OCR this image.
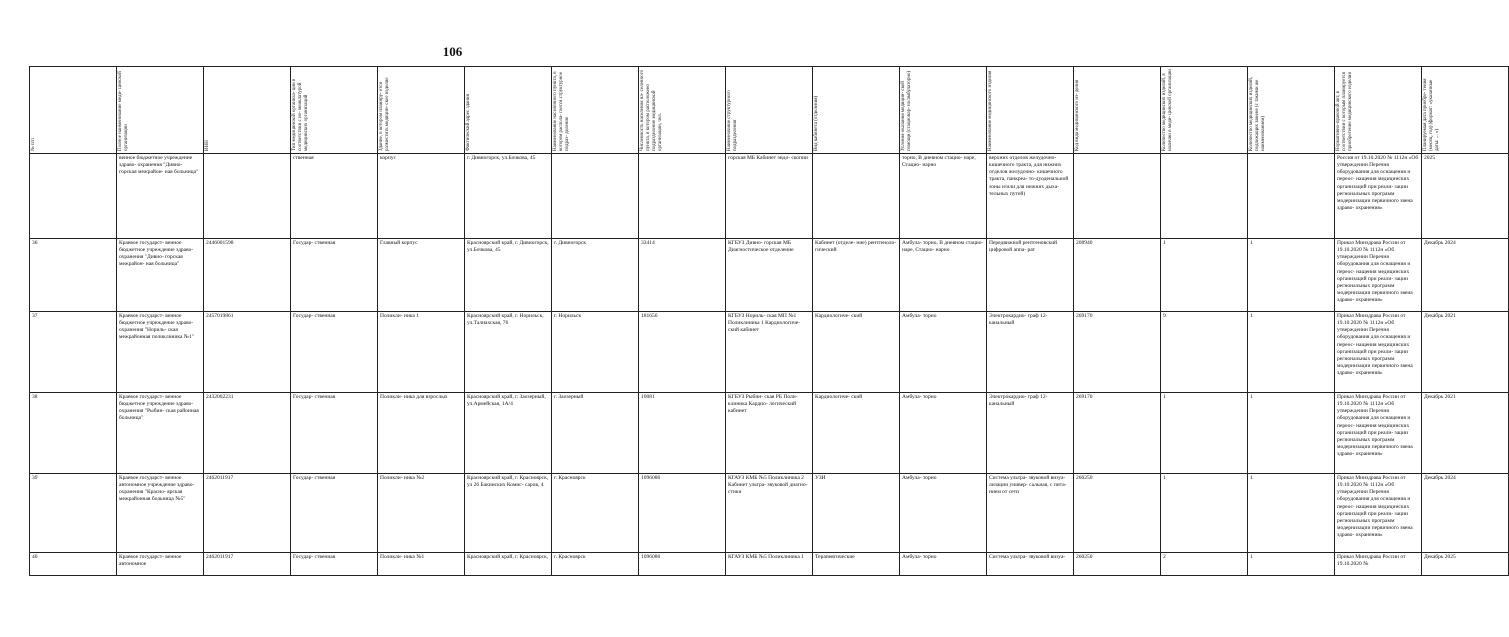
106
№ п/п	Полное наименование меди- цинской организации	ИНН	Тип медицинской организа- ции в соответствии с но- менклатурой медицинских организаций	Здание, в котором планиру- ется разместить медицин- ское изделие	Фактический адрес здания	Наименование населенного пункта, в котором распола- гается структурное подраз- деление	Численность населения на- селенного пункта, в котором расположено подразделение медицинской организации, чел.	Наименование структурного подразделения	Вид кабинета (отделения)	Условия оказания медицин- ской помощи (стационар- но/амбулаторно)	Наименование медицинского изделия	Код вида медицинского из- делия	Количество медицинских изделий, в наличии в меди- цинской организации	Количество медицинских изделий, подлежащих замене (с такими же наименованием)	Нормативно-правовой акт, в соответствии с которым планируется приобретение медицинского изделия	Планируемая дата приобре- тения (месяц, год) (формат: «указанные даты: ... »)

	венное бюджетное учреждение здраво- охранения "Дивно- горская межрайон- ная больница"		ственная	корпус	г. Дивногорск, ул.Бочкова, 45			горская МБ Кабинет эндо- скопии		торно, В дневном стацио- наре, Стацио- нарно	верхних отделов желудочно- кишечного тракта, для нижних отделов желудочно- кишечного тракта, панкреа- то-дуоденальной зоны и/или для нижних дыха- тельных путей)				Россия от 19.10.2020 № 1112н «Об утверждении Перечня оборудования для оснащения и переос- нащения медицинских организаций при реали- зации региональных программ модернизации первичного звена здраво- охранения»	2025
36	Краевое государст- венное бюджетное учреждение здраво- охранения "Дивно- горская межрайон- ная больница"	2446001598	Государ- ственная	Главный корпус	Красноярский край, г. Дивногорск, ул.Бочкова, 45	г. Дивногорск	33414	КГБУЗ Дивно- горская МБ Диагностическое отделение	Кабинет (отделе- ние) рентгеноло- гический	Амбула- торно, В дневном стацио- наре, Стацио- нарно	Передвижной рентгеновский цифровой аппа- рат	208940	1	1	Приказ Минздрава России от 19.10.2020 № 1112н «Об утверждении Перечня оборудования для оснащения и переос- нащения медицинских организаций при реали- зации региональных программ модернизации первичного звена здраво- охранения»	Декабрь 2024
37	Краевое государст- венное бюджетное учреждение здраво- охранения "Нориль- ская межрайонная поликлиника №1"	2457019861	Государ- ственная	Поликли- ника 1	Красноярский край, г. Норильск, ул.Талнахская, 76	г. Норильск	181656	КГБУЗ Нориль- ская МП №1 Поликлиника 1 Кардиологиче- ский кабинет	Кардиологиче- ский	Амбула- торно	Электрокардио- граф 12- канальный	269170	9	1	Приказ Минздрава России от 19.10.2020 № 1112н «Об утверждении Перечня оборудования для оснащения и переос- нащения медицинских организаций при реали- зации региональных программ модернизации первичного звена здраво- охранения»	Декабрь 2021
38	Краевое государст- венное бюджетное учреждение здраво- охранения "Рыбин- ская районная больница"	2432002231	Государ- ственная	Поликли- ника для взрослых	Красноярский край, г. Заозерный, ул.Армейская, 1А/4	г. Заозерный	10081	КГБУЗ Рыбин- ская РБ Поли- клиника Кардио- логический кабинет	Кардиологиче- ский	Амбула- торно	Электрокардио- граф 12- канальный	269170	1	1	Приказ Минздрава России от 19.10.2020 № 1112н «Об утверждении Перечня оборудования для оснащения и переос- нащения медицинских организаций при реали- зации региональных программ модернизации первичного звена здраво- охранения»	Декабрь 2021
39	Краевое государст- венное автономное учреждение здраво- охранения "Красно- ярская межрайонная больница №5"	2462011917	Государ- ственная	Поликли- ника №2	Красноярский край, г. Красноярск, ул 26 Бакинских Комис- саров, 4	г. Красноярск	1096086	КГАУЗ КМБ №5 Поликлиника 2 Кабинет ультра- звуковой диагно- стики	УЗИ	Амбула- торно	Система ультра- звуковой визуа- лизации универ- сальная, с пита- нием от сети	260250	1	1	Приказ Минздрава России от 19.10.2020 № 1112н «Об утверждении Перечня оборудования для оснащения и переос- нащения медицинских организаций при реали- зации региональных программ модернизации первичного звена здраво- охранения»	Декабрь 2024
40	Краевое государст- венное автономное	2462011917	Государ- ственная	Поликли- ника №1	Красноярский край, г. Красноярск,	г. Красноярск	1096086	КГАУЗ КМБ №5 Поликлиника 1	Терапевтические	Амбула- торно	Система ультра- звуковой визуа-	260250	2	1	Приказ Минздрава России от 19.10.2020 №	Декабрь 2025
